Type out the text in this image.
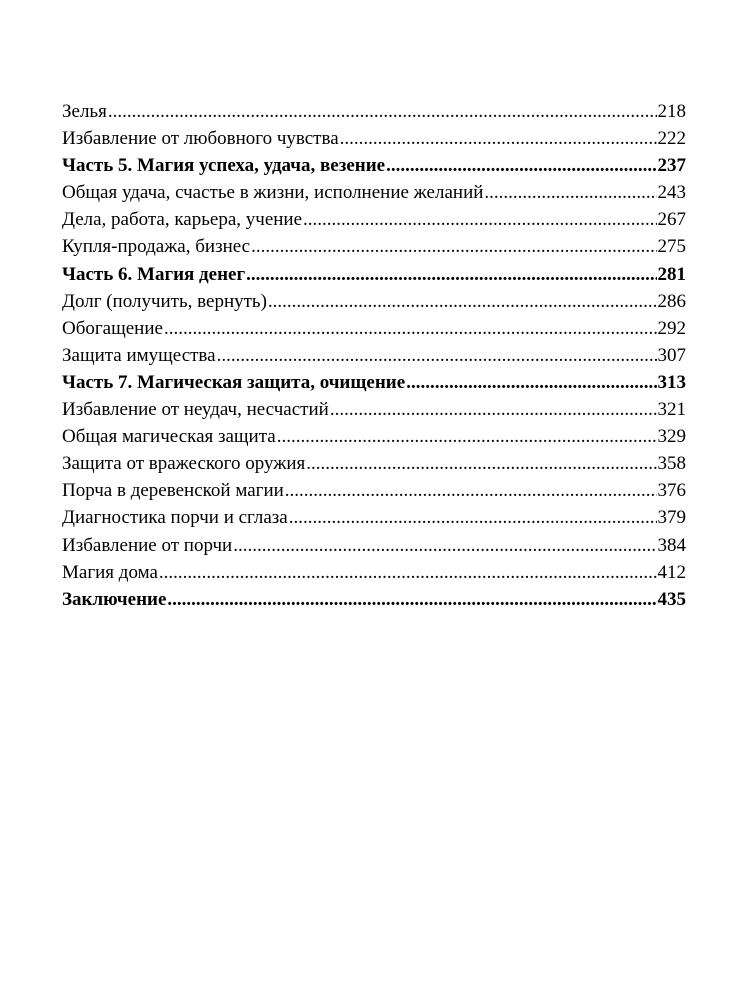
Зелья .....	218
Избавление от любовного чувства .....	222
Часть 5. Магия успеха, удача, везение .....	237
Общая удача, счастье в жизни, исполнение желаний .....	243
Дела, работа, карьера, учение .....	267
Купля-продажа, бизнес .....	275
Часть 6. Магия денег .....	281
Долг (получить, вернуть) .....	286
Обогащение .....	292
Защита имущества .....	307
Часть 7. Магическая защита, очищение .....	313
Избавление от неудач, несчастий .....	321
Общая магическая защита .....	329
Защита от вражеского оружия .....	358
Порча в деревенской магии .....	376
Диагностика порчи и сглаза .....	379
Избавление от порчи .....	384
Магия дома .....	412
Заключение .....	435
